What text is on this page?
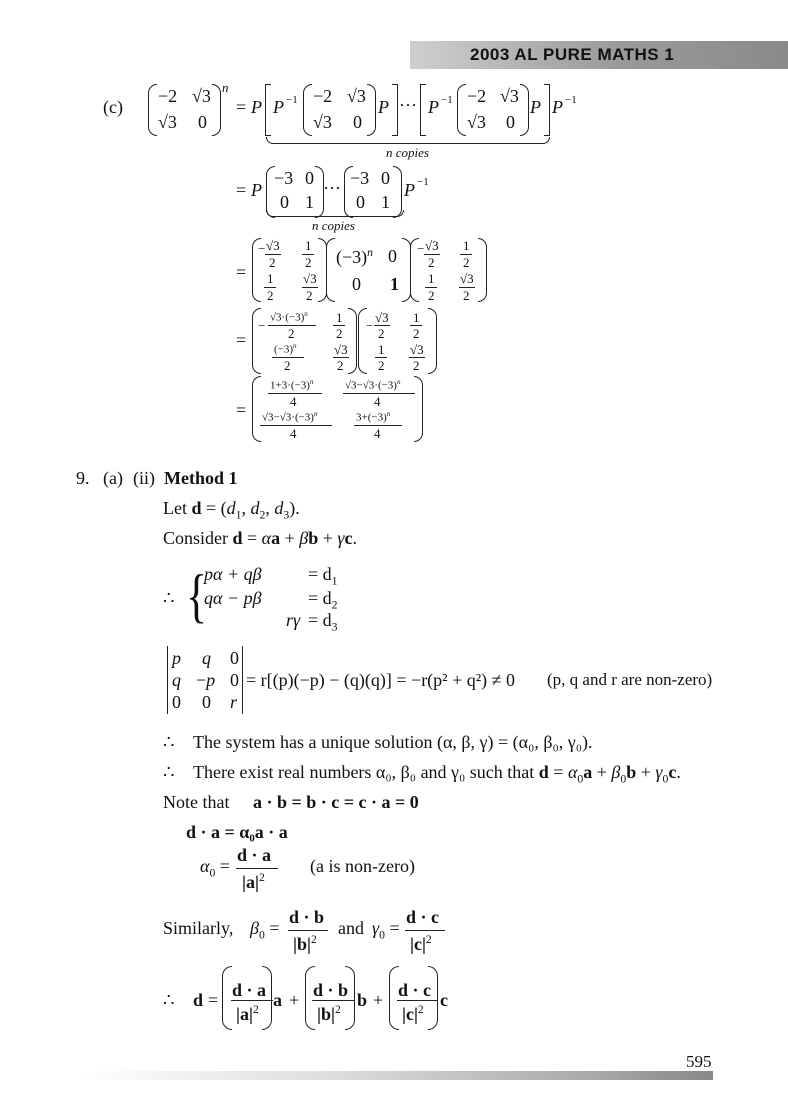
2003 AL PURE MATHS 1
(c)
−2 √3
√3 0
n
= P P −1 −2 √3
√3 0
P ··· P −1 −2 √3
√3 0
P P −1
n copies
= P
−3 0
0 1
··· −3 0
0 1
P −1
n copies
=
− √3
2
1
2
1
2
√3
2
$(-3)^n$ 0
0 1
− √3
2
1
2
1
2
√3
2
=
−
$√3\cdot(-3)^n$
2
1
2
$(-3)^n$
2
√3
2
−
√3
2
1
2
1
2
√3
2
=
$1+3\cdot(-3)^n$
4
$√3-√3\cdot(-3)^n$
4
$√3-√3\cdot(-3)^n$
4
$3+(-3)^n$
4
9. (a) (ii) Method 1
Let $d = (d_1$, $d_2$, $d_3$).
Consider d = αa + βb + γc.
∴ {
pα + qβ	= $d_1$
qα − pβ	= $d_2$
$r\gamma = d_3$
p q 0
q −p 0
0 0 r
= r[(p)(−p) − (q)(q)] = −r(p² + q²) ≠ 0 (p, q and r are non-zero)
∴ The system has a unique solution (α, β, γ) = (α₀, β₀, γ₀).
∴ There exist real numbers α₀, β₀ and γ₀ such that $d = \alpha_0a + \beta_0b + \gamma_0c$.
Note that a · b = b · c = c · a = 0
d · a = α₀a · a
$\alpha_0$ =
d · a
$|a|^2$
(a is non-zero)
Similarly, $\beta_0$ =
d · b
$|b|^2$
and $\gamma_0$ =
d · c
$|c|^2$
∴ d = d · a
$|a|^2$ a + d · b
$|b|^2$ b + d · c
$|c|^2$ c
595
